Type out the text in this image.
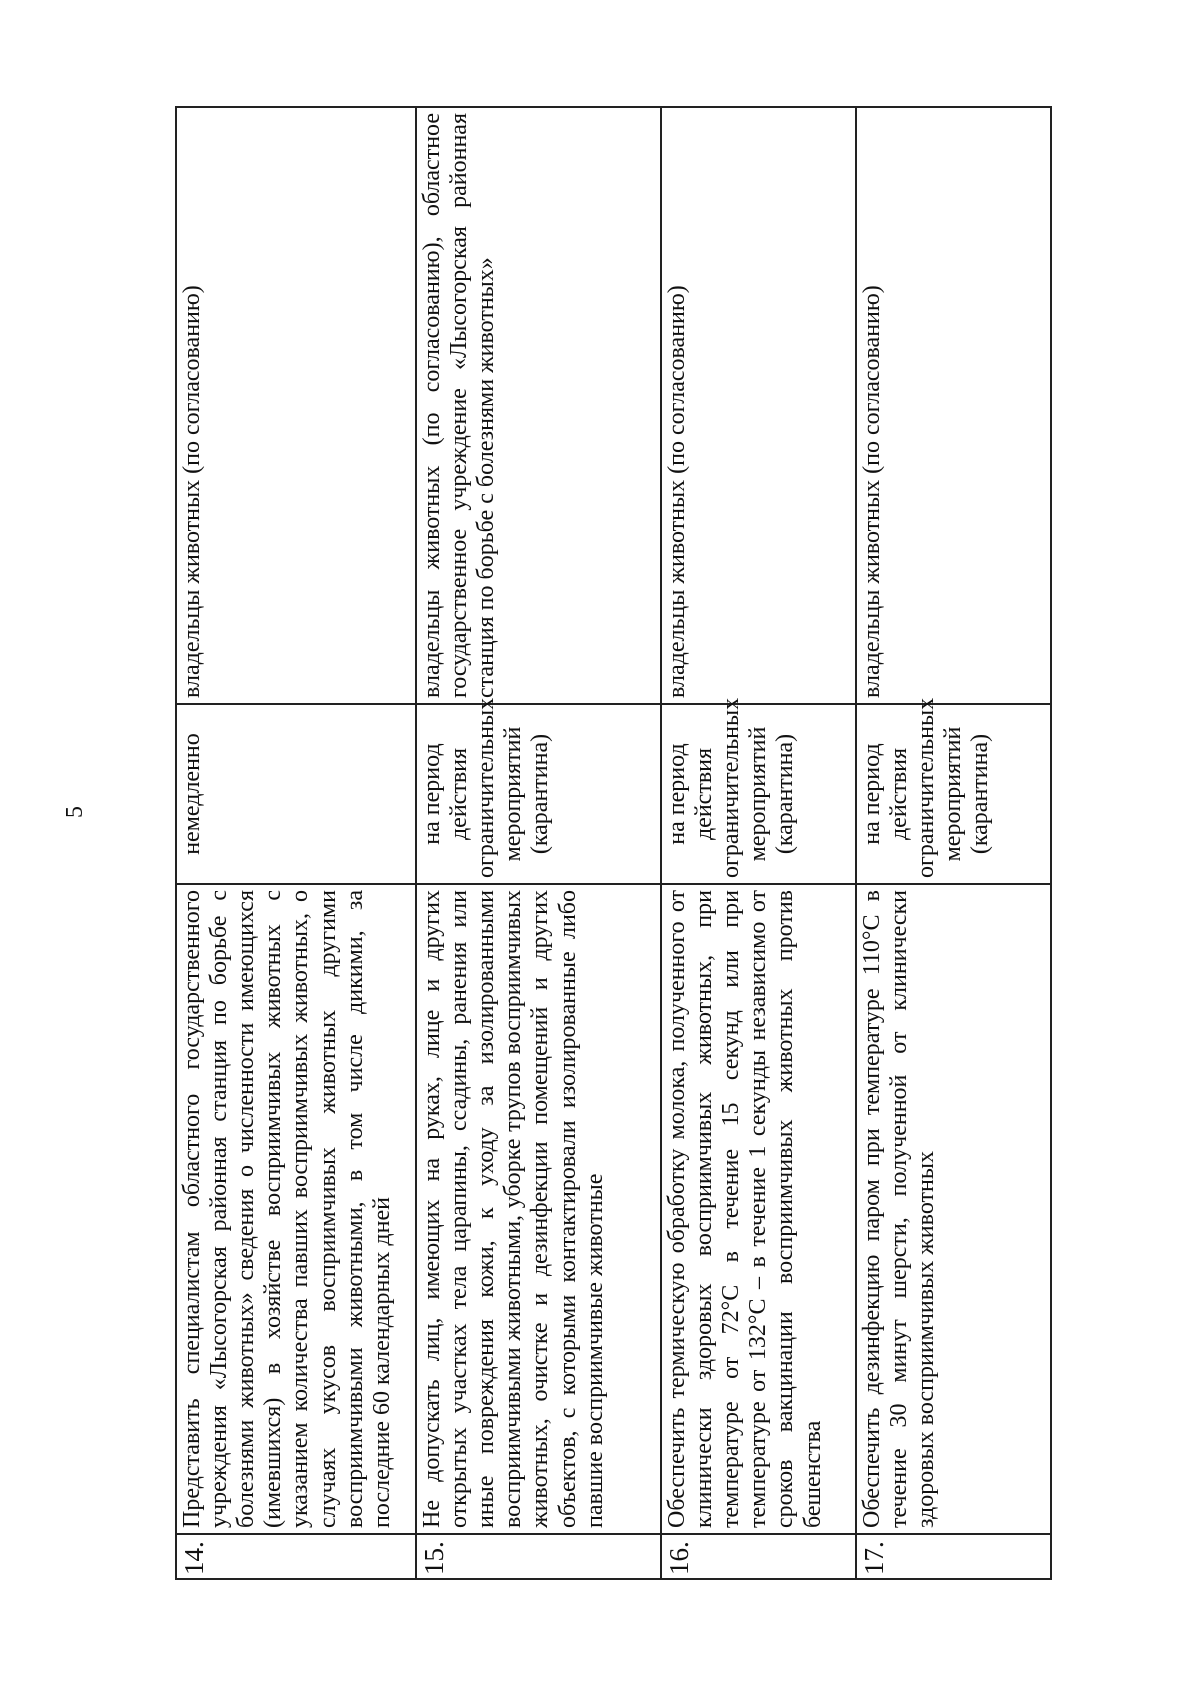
5
14.	Представить специалистам областного государственного учреждения «Лысогорская районная станция по борьбе с болезнями животных» сведения о численности имеющихся (имевшихся) в хозяйстве восприимчивых животных с указанием количества павших восприимчивых животных, о случаях укусов восприимчивых животных другими восприимчивыми животными, в том числе дикими, за последние 60 календарных дней	немедленно	владельцы животных (по согласованию)
15.	Не допускать лиц, имеющих на руках, лице и других открытых участках тела царапины, ссадины, ранения или иные повреждения кожи, к уходу за изолированными восприимчивыми животными, уборке трупов восприимчивых животных, очистке и дезинфекции помещений и других объектов, с которыми контактировали изолированные либо павшие восприимчивые животные	на период действия ограничительных мероприятий (карантина)	владельцы животных (по согласованию), областное государственное учреждение «Лысогорская районная станция по борьбе с болезнями животных»
16.	Обеспечить термическую обработку молока, полученного от клинически здоровых восприимчивых животных, при температуре от 72°С в течение 15 секунд или при температуре от 132°С – в течение 1 секунды независимо от сроков вакцинации восприимчивых животных против бешенства	на период действия ограничительных мероприятий (карантина)	владельцы животных (по согласованию)
17.	Обеспечить дезинфекцию паром при температуре 110°С в течение 30 минут шерсти, полученной от клинически здоровых восприимчивых животных	на период действия ограничительных мероприятий (карантина)	владельцы животных (по согласованию)
